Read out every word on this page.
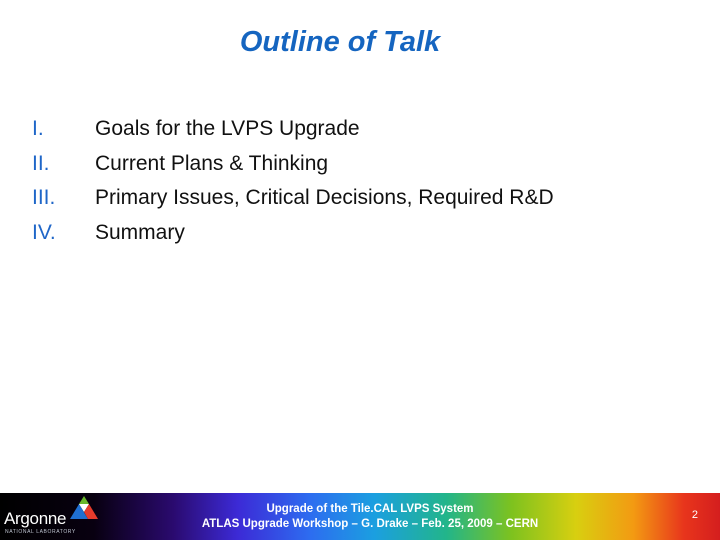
Outline of Talk
I.	Goals for the LVPS Upgrade
II.	Current Plans & Thinking
III.	Primary Issues, Critical Decisions, Required R&D
IV.	Summary
Argonne
NATIONAL LABORATORY
Upgrade of the Tile.CAL LVPS System
ATLAS Upgrade Workshop – G. Drake – Feb. 25, 2009 – CERN
2
